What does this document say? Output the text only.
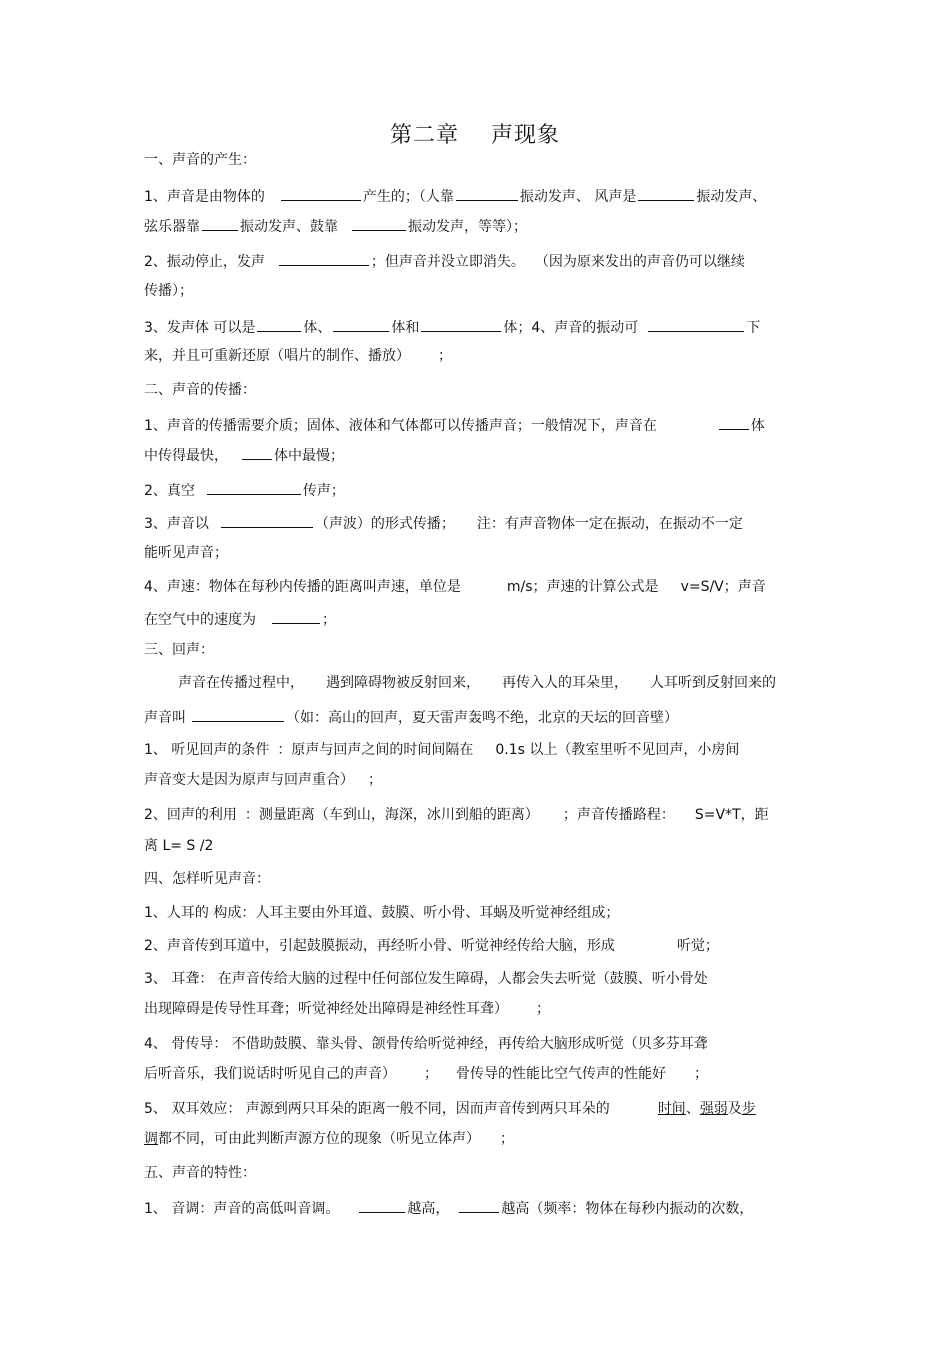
第二章 声现象
一、声音的产生：
1、声音是由物体的	产生的；（人靠	振动发声、 风声是	振动发声、
弦乐器靠	振动发声、鼓靠	振动发声，等等）；
2、振动停止，发声	；但声音并没立即消失。 （因为原来发出的声音仍可以继续
传播）；
3、发声体 可以是	体、	体和	体；4、声音的振动可	下
来，并且可重新还原（唱片的制作、播放） ；
二、声音的传播：
1、声音的传播需要介质；固体、液体和气体都可以传播声音；一般情况下，声音在	体
中传得最快，	体中最慢；
2、真空	传声；
3、声音以	（声波）的形式传播； 注：有声音物体一定在振动，在振动不一定
能听见声音；
4、声速：物体在每秒内传播的距离叫声速，单位是	m/s；声速的计算公式是 v=S/V；声音
在空气中的速度为	；
三、回声：
声音在传播过程中， 遇到障碍物被反射回来， 再传入人的耳朵里， 人耳听到反射回来的
声音叫	（如：高山的回声，夏天雷声轰鸣不绝，北京的天坛的回音壁）
1、 听见回声的条件 ：原声与回声之间的时间间隔在 0.1s 以上（教室里听不见回声，小房间
声音变大是因为原声与回声重合） ；
2、回声的利用 ：测量距离（车到山，海深，冰川到船的距离） ；声音传播路程： S=V*T，距
离 L= S /2
四、怎样听见声音：
1、人耳的 构成：人耳主要由外耳道、鼓膜、听小骨、耳蜗及听觉神经组成；
2、声音传到耳道中，引起鼓膜振动，再经听小骨、听觉神经传给大脑，形成	听觉；
3、 耳聋： 在声音传给大脑的过程中任何部位发生障碍，人都会失去听觉（鼓膜、听小骨处
出现障碍是传导性耳聋；听觉神经处出障碍是神经性耳聋） ；
4、 骨传导： 不借助鼓膜、靠头骨、颌骨传给听觉神经，再传给大脑形成听觉（贝多芬耳聋
后听音乐，我们说话时听见自己的声音） ； 骨传导的性能比空气传声的性能好 ；
5、 双耳效应： 声源到两只耳朵的距离一般不同，因而声音传到两只耳朵的	时间、强弱及步
调都不同，可由此判断声源方位的现象（听见立体声） ；
五、声音的特性：
1、 音调：声音的高低叫音调。	越高，	越高（频率：物体在每秒内振动的次数，
